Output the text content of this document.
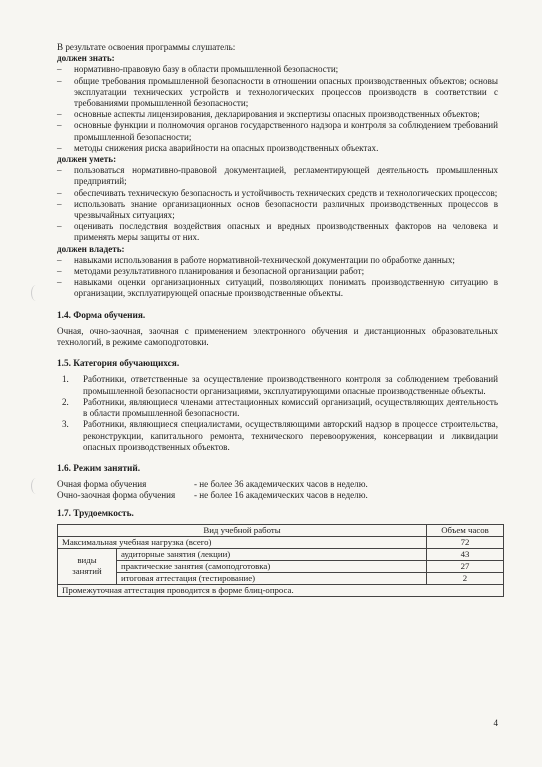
В результате освоения программы слушатель:

должен знать:

– нормативно-правовую базу в области промышленной безопасности;
– общие требования промышленной безопасности в отношении опасных производственных объектов; основы эксплуатации технических устройств и технологических процессов производств в соответствии с требованиями промышленной безопасности;
– основные аспекты лицензирования, декларирования и экспертизы опасных производственных объектов;
– основные функции и полномочия органов государственного надзора и контроля за соблюдением требований промышленной безопасности;
– методы снижения риска аварийности на опасных производственных объектах.

должен уметь:

– пользоваться нормативно-правовой документацией, регламентирующей деятельность промышленных предприятий;
– обеспечивать техническую безопасность и устойчивость технических средств и технологических процессов;
– использовать знание организационных основ безопасности различных производственных процессов в чрезвычайных ситуациях;
– оценивать последствия воздействия опасных и вредных производственных факторов на человека и применять меры защиты от них.

должен владеть:

– навыками использования в работе нормативной-технической документации по обработке данных;
– методами результативного планирования и безопасной организации работ;
– навыками оценки организационных ситуаций, позволяющих понимать производственную ситуацию в организации, эксплуатирующей опасные производственные объекты.
1.4. Форма обучения.

Очная, очно-заочная, заочная с применением электронного обучения и дистанционных образовательных технологий, в режиме самоподготовки.

1.5. Категория обучающихся.
1. Работники, ответственные за осуществление производственного контроля за соблюдением требований промышленной безопасности организациями, эксплуатирующими опасные производственные объекты.
2. Работники, являющиеся членами аттестационных комиссий организаций, осуществляющих деятельность в области промышленной безопасности.
3. Работники, являющиеся специалистами, осуществляющими авторский надзор в процессе строительства, реконструкции, капитального ремонта, технического перевооружения, консервации и ликвидации опасных производственных объектов.
1.6. Режим занятий.
Очная форма обучения	- не более 36 академических часов в неделю.
Очно-заочная форма обучения	- не более 16 академических часов в неделю.
1.7. Трудоемкость.
Вид учебной работы		Объем часов
Максимальная учебная нагрузка (всего)		72
виды занятий	аудиторные занятия (лекции)	43
	практические занятия (самоподготовка)	27
	итоговая аттестация (тестирование)	2
Промежуточная аттестация проводится в форме блиц-опроса.		
4
